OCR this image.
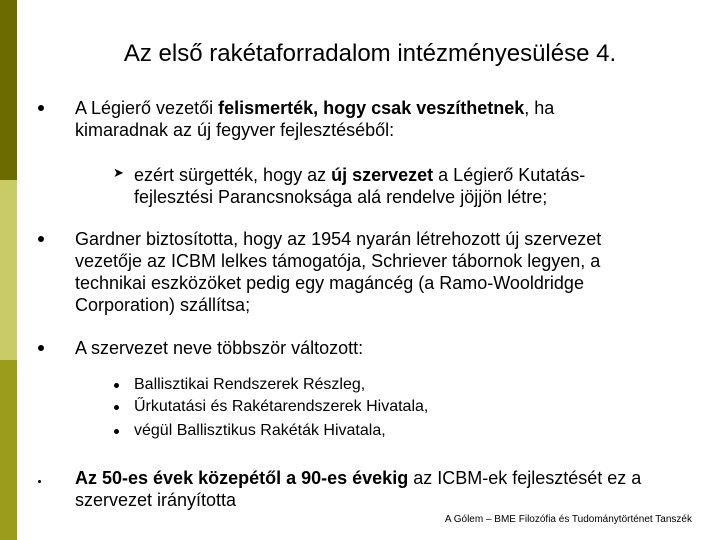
Az első rakétaforradalom intézményesülése 4.

A Légierő vezetői felismerték, hogy csak veszíthetnek, ha kimaradnak az új fegyver fejlesztéséből:

➤ ezért sürgették, hogy az új szervezet a Légierő Kutatás-fejlesztési Parancsnoksága alá rendelve jöjjön létre;

Gardner biztosította, hogy az 1954 nyarán létrehozott új szervezet vezetője az ICBM lelkes támogatója, Schriever tábornok legyen, a technikai eszközöket pedig egy magáncég (a Ramo-Wooldridge Corporation) szállítsa;

A szervezet neve többször változott:

Ballisztikai Rendszerek Részleg,

Űrkutatási és Rakétarendszerek Hivatala,

végül Ballisztikus Rakéták Hivatala,

Az 50-es évek közepétől a 90-es évekig az ICBM-ek fejlesztését ez a szervezet irányította

A Gólem – BME Filozófia és Tudománytörténet Tanszék
